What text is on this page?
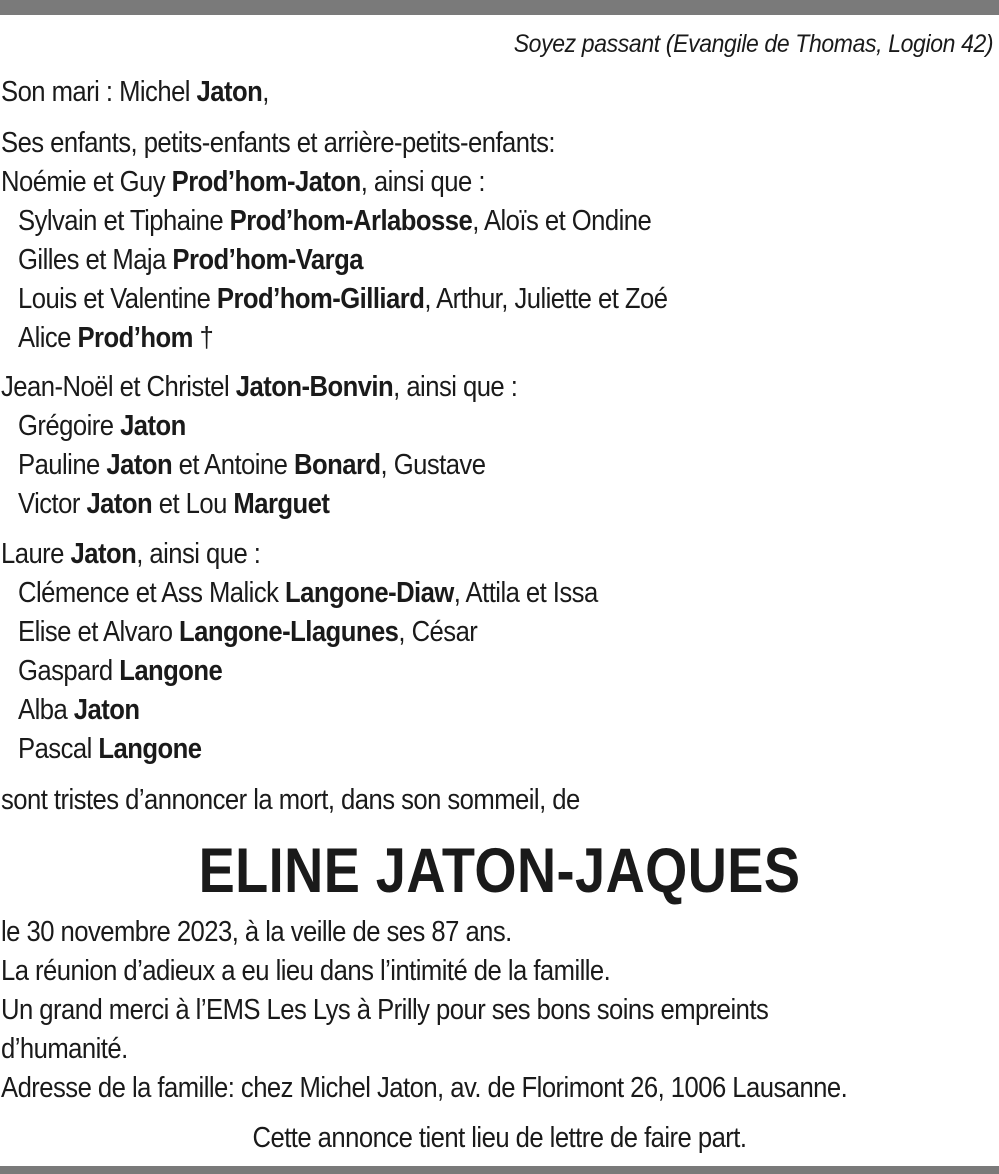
Soyez passant (Evangile de Thomas, Logion 42)
Son mari : Michel Jaton,
Ses enfants, petits-enfants et arrière-petits-enfants:
Noémie et Guy Prod’hom-Jaton, ainsi que :
Sylvain et Tiphaine Prod’hom-Arlabosse, Aloïs et Ondine
Gilles et Maja Prod’hom-Varga
Louis et Valentine Prod’hom-Gilliard, Arthur, Juliette et Zoé
Alice Prod’hom †
Jean-Noël et Christel Jaton-Bonvin, ainsi que :
Grégoire Jaton
Pauline Jaton et Antoine Bonard, Gustave
Victor Jaton et Lou Marguet
Laure Jaton, ainsi que :
Clémence et Ass Malick Langone-Diaw, Attila et Issa
Elise et Alvaro Langone-Llagunes, César
Gaspard Langone
Alba Jaton
Pascal Langone
sont tristes d’annoncer la mort, dans son sommeil, de
ELINE JATON-JAQUES
le 30 novembre 2023, à la veille de ses 87 ans.
La réunion d’adieux a eu lieu dans l’intimité de la famille.
Un grand merci à l’EMS Les Lys à Prilly pour ses bons soins empreints
d’humanité.
Adresse de la famille: chez Michel Jaton, av. de Florimont 26, 1006 Lausanne.
Cette annonce tient lieu de lettre de faire part.
